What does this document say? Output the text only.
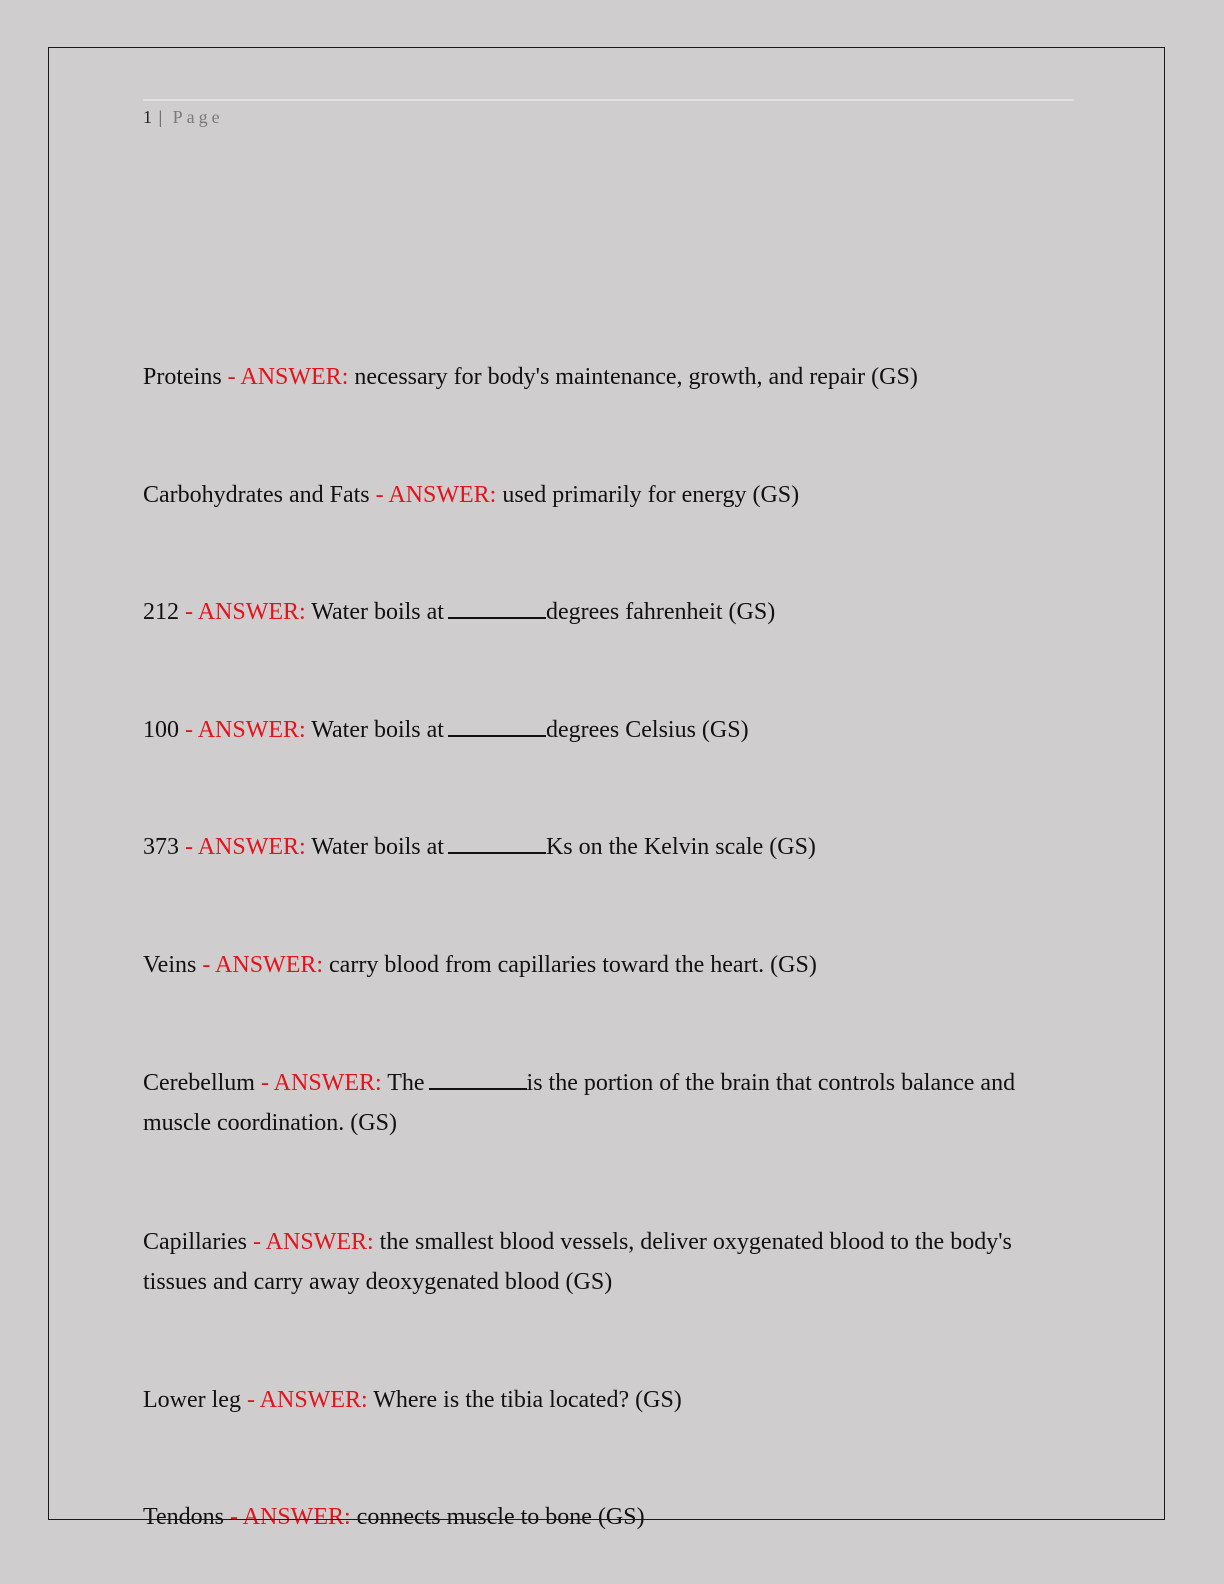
1 | Page

Proteins - ANSWER: necessary for body's maintenance, growth, and repair (GS)

Carbohydrates and Fats - ANSWER: used primarily for energy (GS)

212 - ANSWER: Water boils at	degrees fahrenheit (GS)

100 - ANSWER: Water boils at	degrees Celsius (GS)

373 - ANSWER: Water boils at	Ks on the Kelvin scale (GS)

Veins - ANSWER: carry blood from capillaries toward the heart. (GS)

Cerebellum - ANSWER: The	is the portion of the brain that controls balance and muscle coordination. (GS)

Capillaries - ANSWER: the smallest blood vessels, deliver oxygenated blood to the body's tissues and carry away deoxygenated blood (GS)

Lower leg - ANSWER: Where is the tibia located? (GS)

Tendons - ANSWER: connects muscle to bone (GS)
